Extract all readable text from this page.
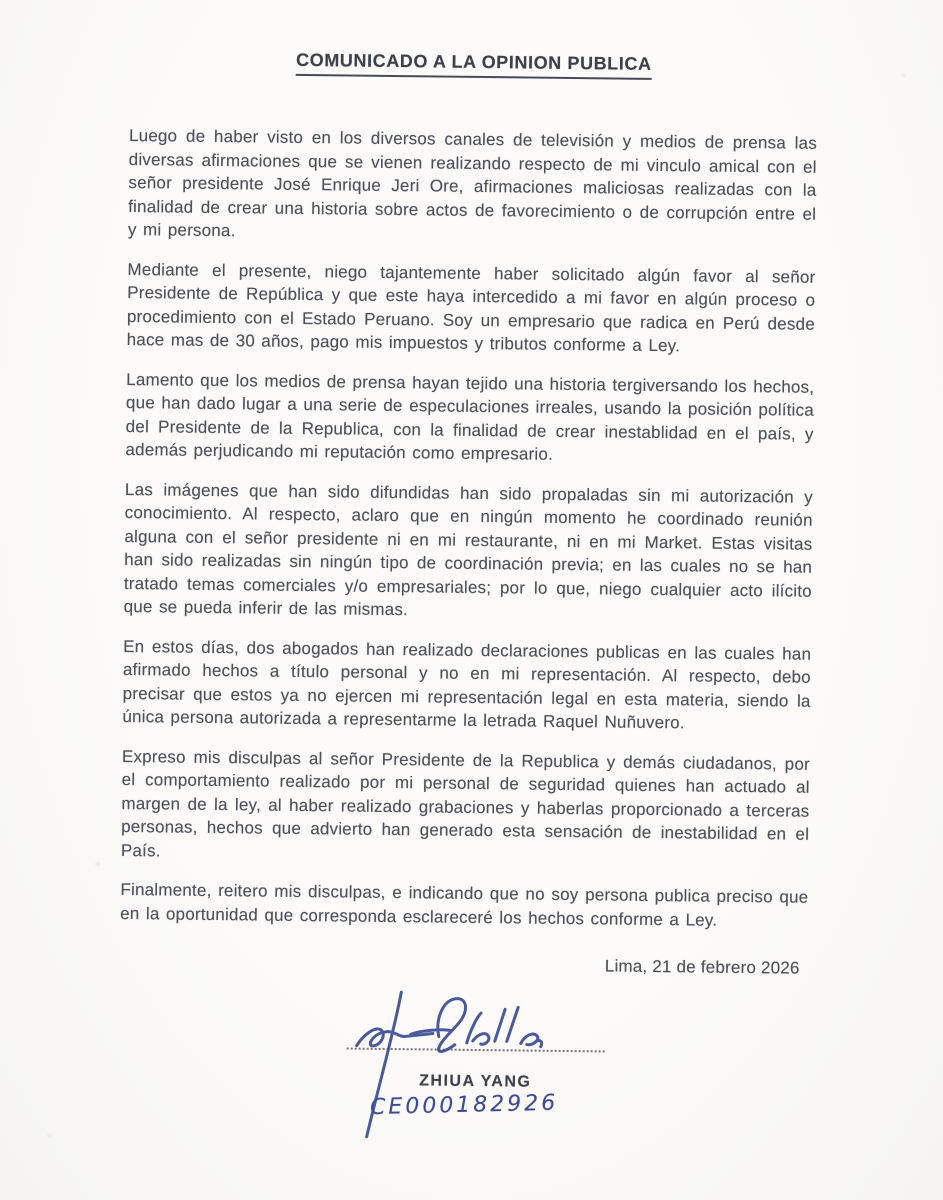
COMUNICADO A LA OPINION PUBLICA

Luego de haber visto en los diversos canales de televisión y medios de prensa las diversas afirmaciones que se vienen realizando respecto de mi vinculo amical con el señor presidente José Enrique Jeri Ore, afirmaciones maliciosas realizadas con la finalidad de crear una historia sobre actos de favorecimiento o de corrupción entre el y mi persona.

Mediante el presente, niego tajantemente haber solicitado algún favor al señor Presidente de República y que este haya intercedido a mi favor en algún proceso o procedimiento con el Estado Peruano. Soy un empresario que radica en Perú desde hace mas de 30 años, pago mis impuestos y tributos conforme a Ley.

Lamento que los medios de prensa hayan tejido una historia tergiversando los hechos, que han dado lugar a una serie de especulaciones irreales, usando la posición política del Presidente de la Republica, con la finalidad de crear inestablidad en el país, y además perjudicando mi reputación como empresario.

Las imágenes que han sido difundidas han sido propaladas sin mi autorización y conocimiento. Al respecto, aclaro que en ningún momento he coordinado reunión alguna con el señor presidente ni en mi restaurante, ni en mi Market. Estas visitas han sido realizadas sin ningún tipo de coordinación previa; en las cuales no se han tratado temas comerciales y/o empresariales; por lo que, niego cualquier acto ilícito que se pueda inferir de las mismas.

En estos días, dos abogados han realizado declaraciones publicas en las cuales han afirmado hechos a título personal y no en mi representación. Al respecto, debo precisar que estos ya no ejercen mi representación legal en esta materia, siendo la única persona autorizada a representarme la letrada Raquel Nuñuvero.

Expreso mis disculpas al señor Presidente de la Republica y demás ciudadanos, por el comportamiento realizado por mi personal de seguridad quienes han actuado al margen de la ley, al haber realizado grabaciones y haberlas proporcionado a terceras personas, hechos que advierto han generado esta sensación de inestabilidad en el País.

Finalmente, reitero mis disculpas, e indicando que no soy persona publica preciso que en la oportunidad que corresponda esclareceré los hechos conforme a Ley.

Lima, 21 de febrero 2026
ZHIUA YANG
CE000182926
